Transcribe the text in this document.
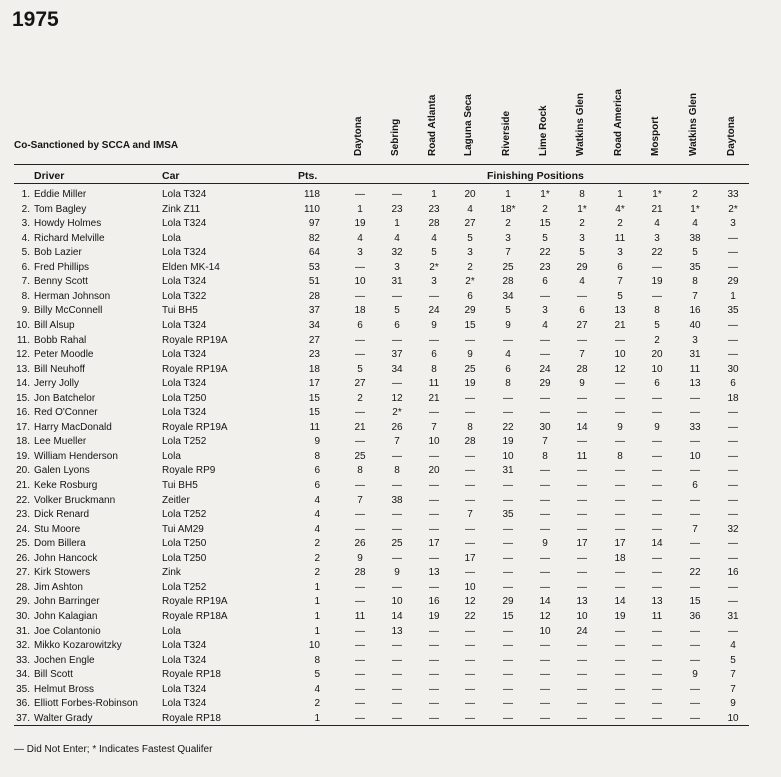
1975
Co-Sanctioned by SCCA and IMSA	Daytona	Sebring	Road Atlanta	Laguna Seca	Riverside	Lime Rock	Watkins Glen	Road America	Mosport	Watkins Glen	Daytona
Driver	Car	Pts.	Finishing Positions
1. Eddie Miller	Lola T324	118	—	—	1	20	1	1*	8	1	1*	2	33
2. Tom Bagley	Zink Z11	110	1	23	23	4	18*	2	1*	4*	21	1*	2*
3. Howdy Holmes	Lola T324	97	19	1	28	27	2	15	2	2	4	4	3
4. Richard Melville	Lola	82	4	4	4	5	3	5	3	11	3	38	—
5. Bob Lazier	Lola T324	64	3	32	5	3	7	22	5	3	22	5	—
6. Fred Phillips	Elden MK-14	53	—	3	2*	2	25	23	29	6	—	35	—
7. Benny Scott	Lola T324	51	10	31	3	2*	28	6	4	7	19	8	29
8. Herman Johnson	Lola T322	28	—	—	—	6	34	—	—	5	—	7	1
9. Billy McConnell	Tui BH5	37	18	5	24	29	5	3	6	13	8	16	35
10. Bill Alsup	Lola T324	34	6	6	9	15	9	4	27	21	5	40	—
11. Bobb Rahal	Royale RP19A	27	—	—	—	—	—	—	—	—	2	3	—
12. Peter Moodle	Lola T324	23	—	37	6	9	4	—	7	10	20	31	—
13. Bill Neuhoff	Royale RP19A	18	5	34	8	25	6	24	28	12	10	11	30
14. Jerry Jolly	Lola T324	17	27	—	11	19	8	29	9	—	6	13	6
15. Jon Batchelor	Lola T250	15	2	12	21	—	—	—	—	—	—	—	18
16. Red O'Conner	Lola T324	15	—	2*	—	—	—	—	—	—	—	—	—
17. Harry MacDonald	Royale RP19A	11	21	26	7	8	22	30	14	9	9	33	—
18. Lee Mueller	Lola T252	9	—	7	10	28	19	7	—	—	—	—	—
19. William Henderson	Lola	8	25	—	—	—	10	8	11	8	—	10	—
20. Galen Lyons	Royale RP9	6	8	8	20	—	31	—	—	—	—	—	—
21. Keke Rosburg	Tui BH5	6	—	—	—	—	—	—	—	—	—	6	—
22. Volker Bruckmann	Zeitler	4	7	38	—	—	—	—	—	—	—	—	—
23. Dick Renard	Lola T252	4	—	—	—	7	35	—	—	—	—	—	—
24. Stu Moore	Tui AM29	4	—	—	—	—	—	—	—	—	—	7	32
25. Dom Billera	Lola T250	2	26	25	17	—	—	9	17	17	14	—	—
26. John Hancock	Lola T250	2	9	—	—	17	—	—	—	18	—	—	—
27. Kirk Stowers	Zink	2	28	9	13	—	—	—	—	—	—	22	16
28. Jim Ashton	Lola T252	1	—	—	—	10	—	—	—	—	—	—	—
29. John Barringer	Royale RP19A	1	—	10	16	12	29	14	13	14	13	15	—
30. John Kalagian	Royale RP18A	1	11	14	19	22	15	12	10	19	11	36	31
31. Joe Colantonio	Lola	1	—	13	—	—	—	10	24	—	—	—	—
32. Mikko Kozarowitzky	Lola T324	10	—	—	—	—	—	—	—	—	—	—	4
33. Jochen Engle	Lola T324	8	—	—	—	—	—	—	—	—	—	—	5
34. Bill Scott	Royale RP18	5	—	—	—	—	—	—	—	—	—	9	7
35. Helmut Bross	Lola T324	4	—	—	—	—	—	—	—	—	—	—	7
36. Elliott Forbes-Robinson Lola T324	2	—	—	—	—	—	—	—	—	—	—	9
37. Walter Grady	Royale RP18	1	—	—	—	—	—	—	—	—	—	—	10
— Did Not Enter; * Indicates Fastest Qualifer
